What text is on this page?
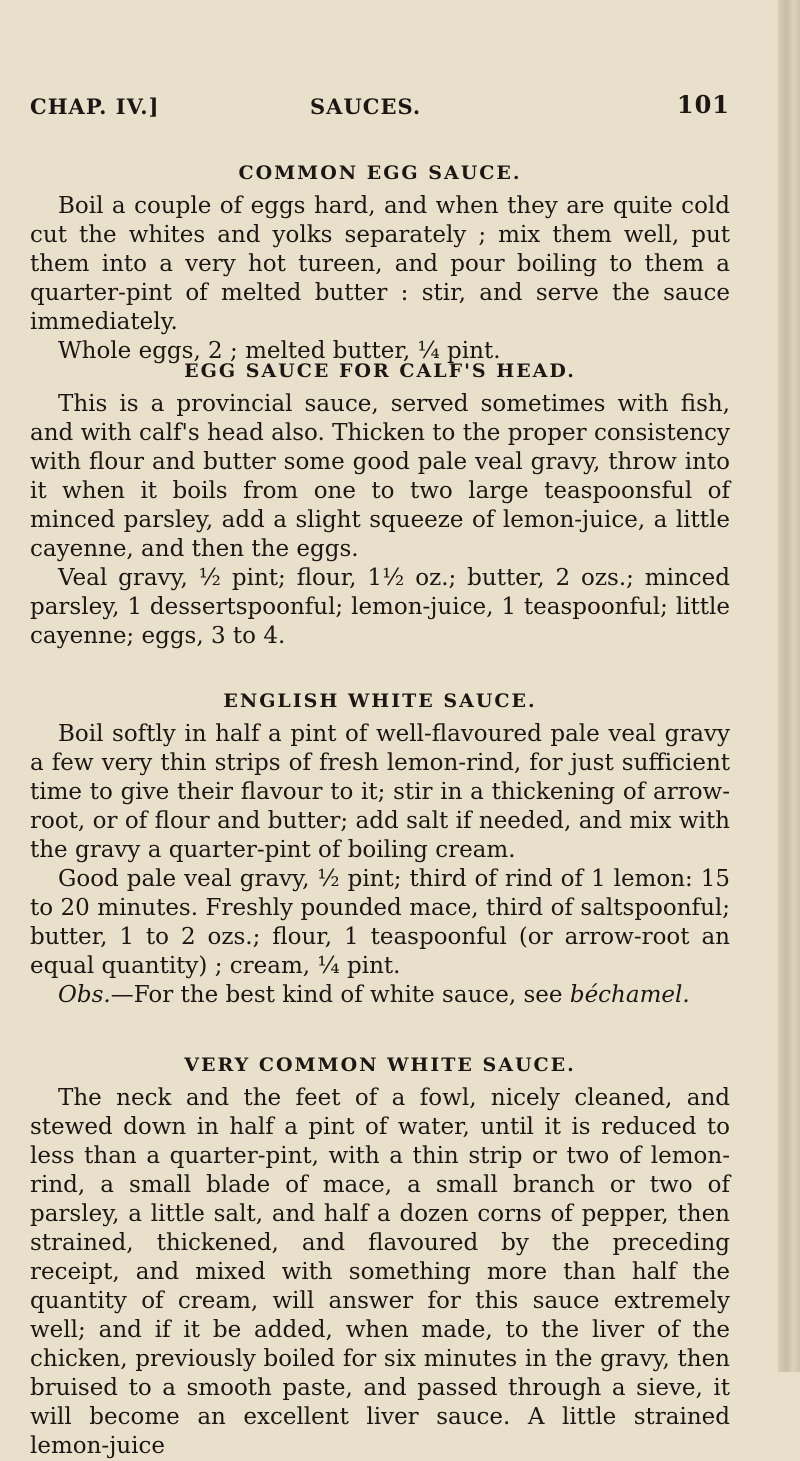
CHAP. IV.]	SAUCES.	101

COMMON EGG SAUCE.

Boil a couple of eggs hard, and when they are quite cold cut the whites and yolks separately ; mix them well, put them into a very hot tureen, and pour boiling to them a quarter-pint of melted butter : stir, and serve the sauce immediately.

Whole eggs, 2 ; melted butter, ¼ pint.

EGG SAUCE FOR CALF'S HEAD.

This is a provincial sauce, served sometimes with fish, and with calf's head also. Thicken to the proper consistency with flour and butter some good pale veal gravy, throw into it when it boils from one to two large teaspoonsful of minced parsley, add a slight squeeze of lemon-juice, a little cayenne, and then the eggs.

Veal gravy, ½ pint; flour, 1½ oz.; butter, 2 ozs.; minced parsley, 1 dessertspoonful; lemon-juice, 1 teaspoonful; little cayenne; eggs, 3 to 4.

ENGLISH WHITE SAUCE.

Boil softly in half a pint of well-flavoured pale veal gravy a few very thin strips of fresh lemon-rind, for just sufficient time to give their flavour to it; stir in a thickening of arrow-root, or of flour and butter; add salt if needed, and mix with the gravy a quarter-pint of boiling cream.

Good pale veal gravy, ½ pint; third of rind of 1 lemon: 15 to 20 minutes. Freshly pounded mace, third of saltspoonful; butter, 1 to 2 ozs.; flour, 1 teaspoonful (or arrow-root an equal quantity) ; cream, ¼ pint.

Obs.—For the best kind of white sauce, see béchamel.

VERY COMMON WHITE SAUCE.

The neck and the feet of a fowl, nicely cleaned, and stewed down in half a pint of water, until it is reduced to less than a quarter-pint, with a thin strip or two of lemon-rind, a small blade of mace, a small branch or two of parsley, a little salt, and half a dozen corns of pepper, then strained, thickened, and flavoured by the preceding receipt, and mixed with something more than half the quantity of cream, will answer for this sauce extremely well; and if it be added, when made, to the liver of the chicken, previously boiled for six minutes in the gravy, then bruised to a smooth paste, and passed through a sieve, it will become an excellent liver sauce. A little strained lemon-juice
